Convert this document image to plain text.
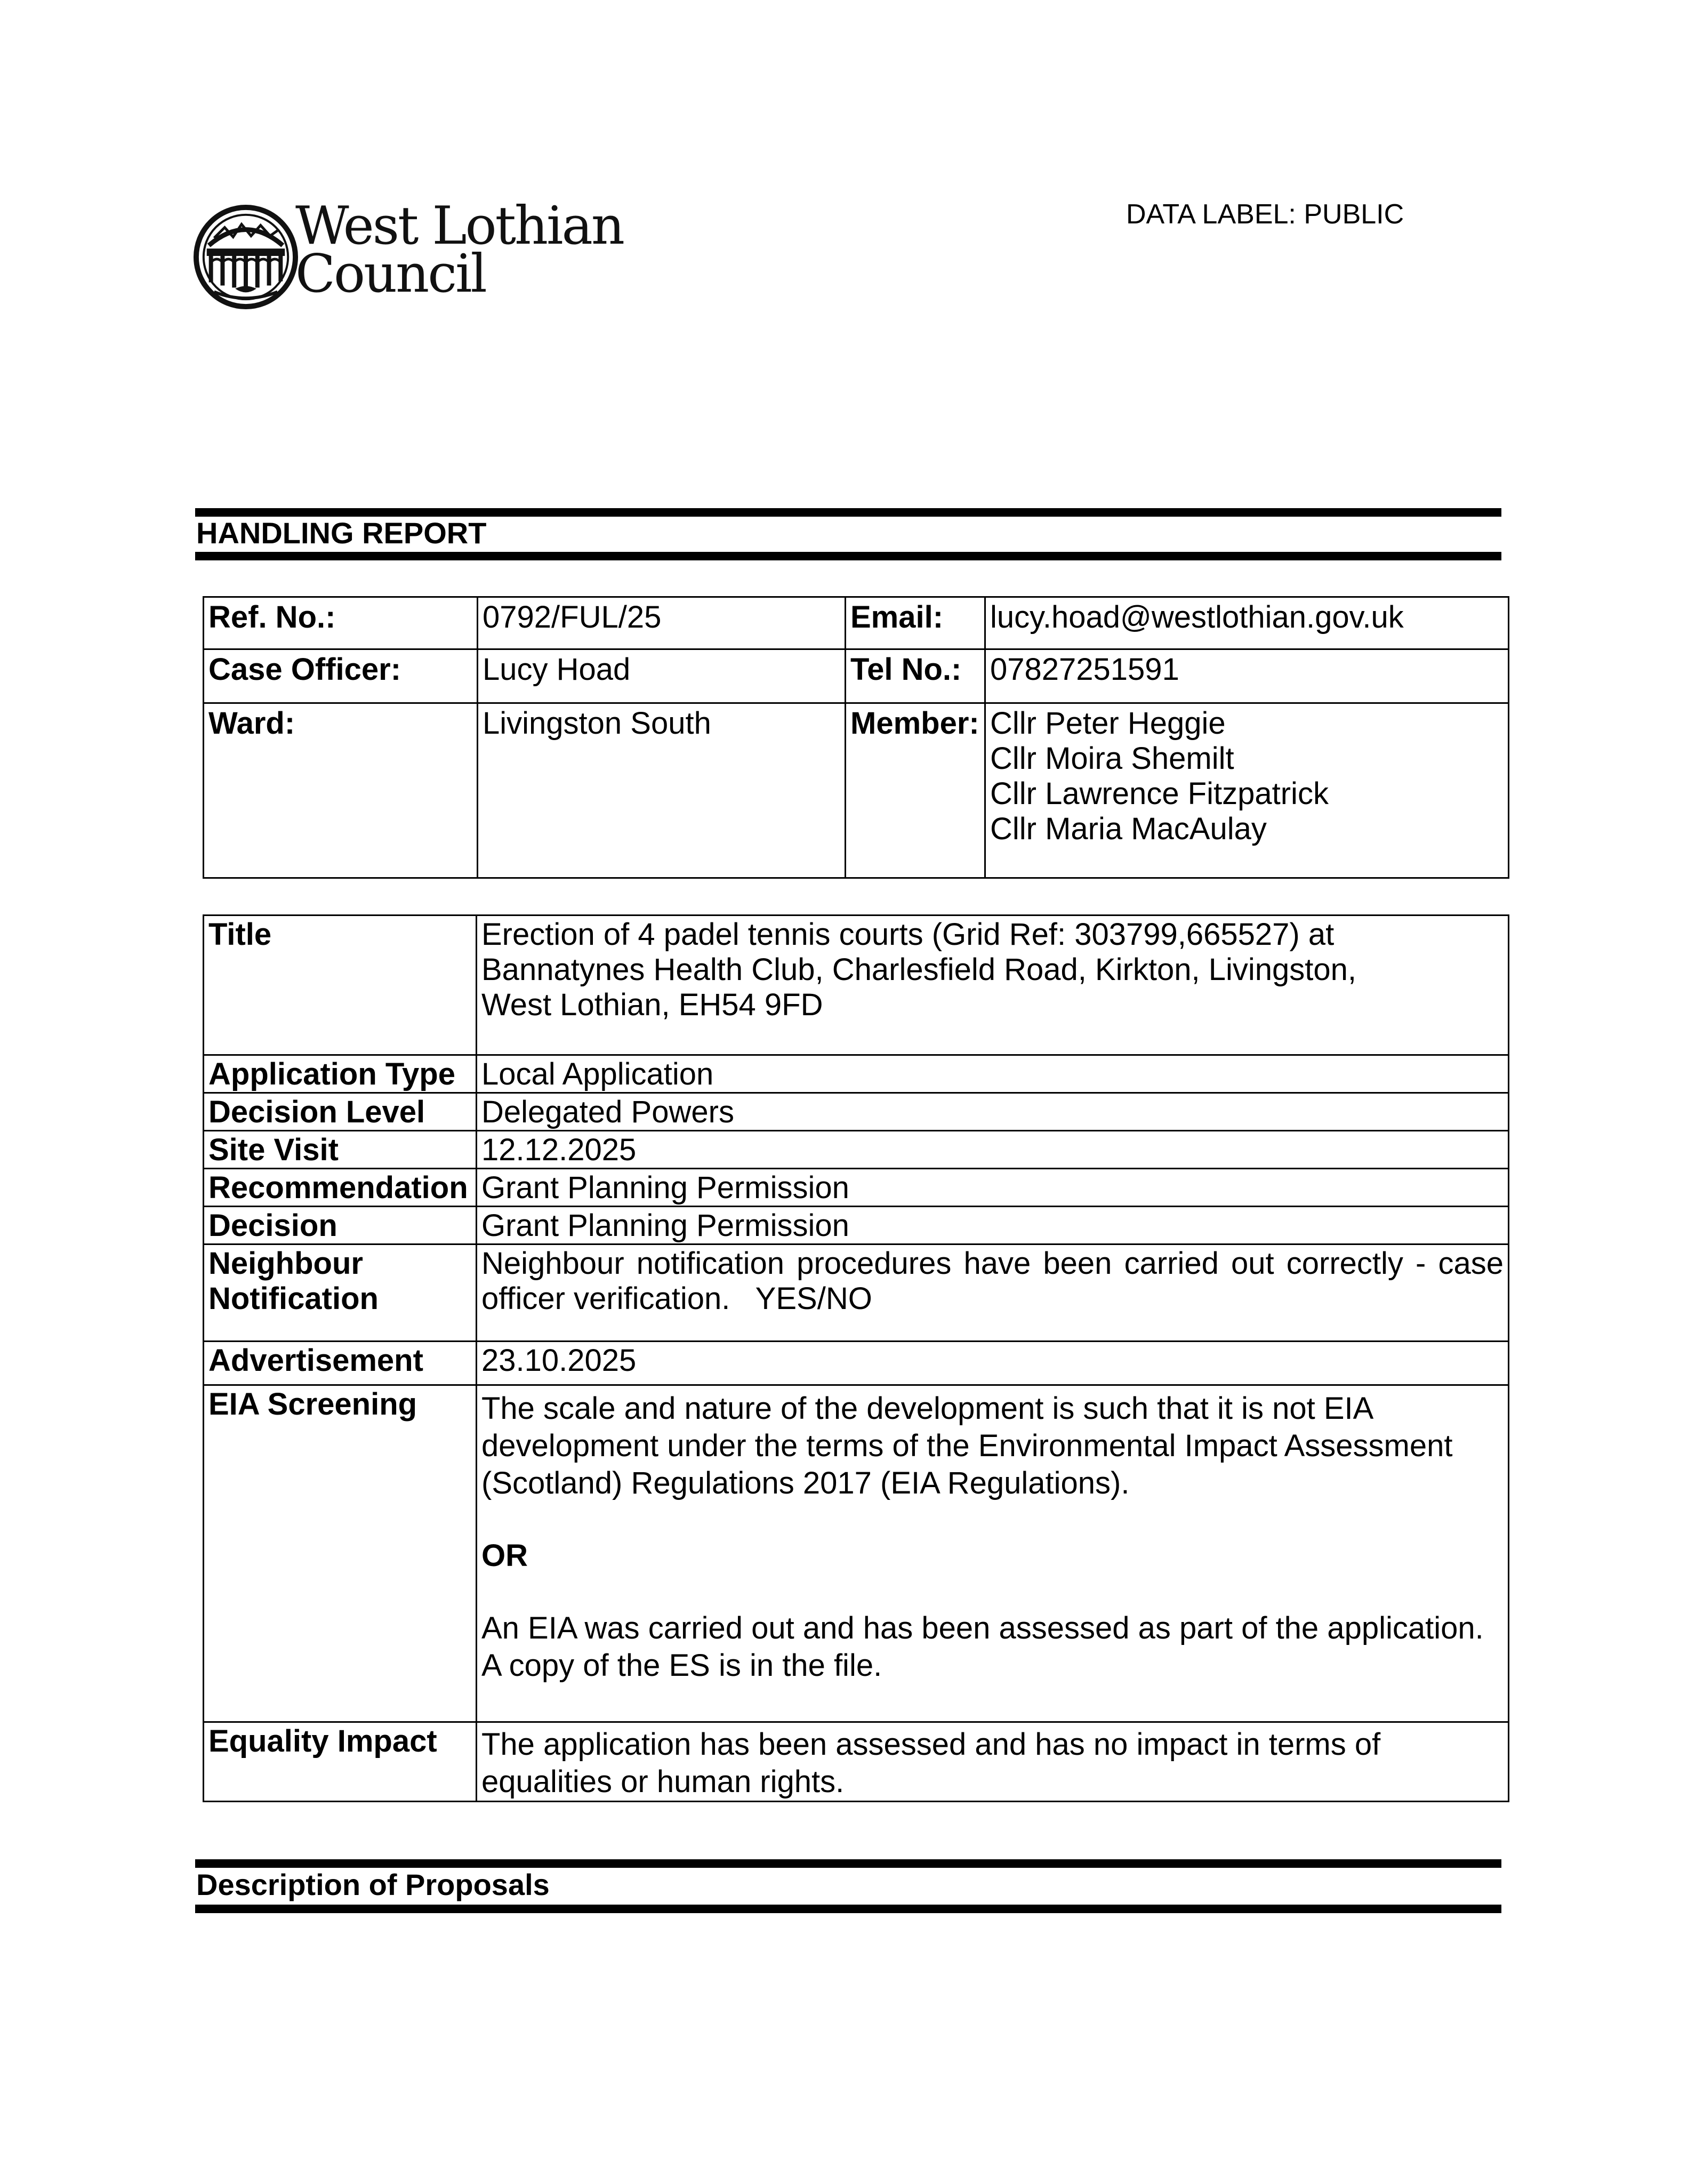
West Lothian
Council
DATA LABEL: PUBLIC
HANDLING REPORT
Ref. No.:	0792/FUL/25	Email:	lucy.hoad@westlothian.gov.uk
Case Officer:	Lucy Hoad	Tel No.:	07827251591
Ward:	Livingston South	Member:	Cllr Peter Heggie
Cllr Moira Shemilt
Cllr Lawrence Fitzpatrick
Cllr Maria MacAulay
Title	Erection of 4 padel tennis courts (Grid Ref: 303799,665527) at
Bannatynes Health Club, Charlesfield Road, Kirkton, Livingston,
West Lothian, EH54 9FD

Application Type	Local Application
Decision Level	Delegated Powers
Site Visit	12.12.2025
Recommendation	Grant Planning Permission
Decision	Grant Planning Permission

Neighbour
Notification	Neighbour notification procedures have been carried out correctly - case officer verification.   YES/NO
Advertisement	23.10.2025
EIA Screening	The scale and nature of the development is such that it is not EIA
development under the terms of the Environmental Impact Assessment
(Scotland) Regulations 2017 (EIA Regulations).
OR
An EIA was carried out and has been assessed as part of the application. A copy of the ES is in the file.

Equality Impact	The application has been assessed and has no impact in terms of equalities or human rights.
Description of Proposals
